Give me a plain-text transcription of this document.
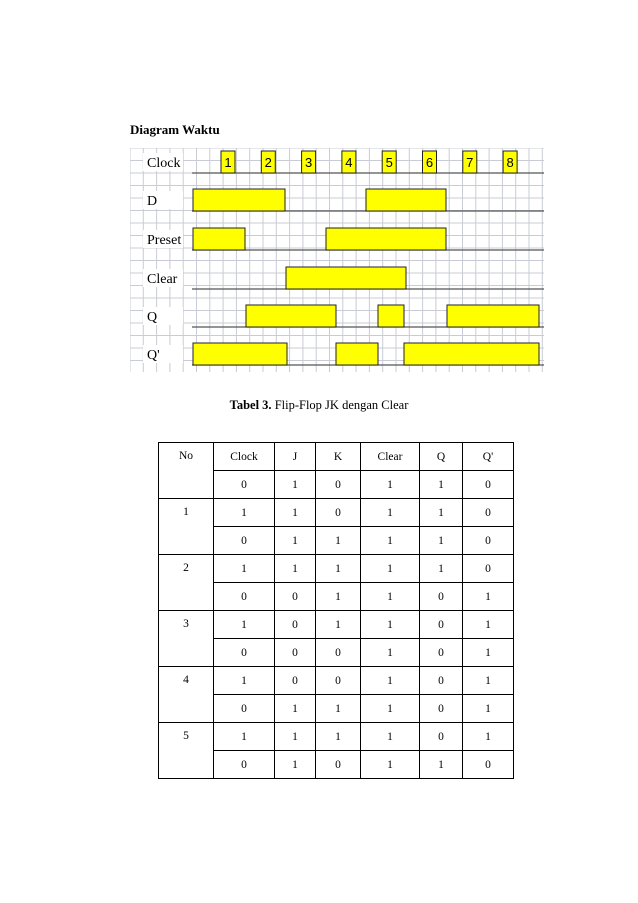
Diagram Waktu
1	2	3	4	5	6	7	8
Clock
D
Preset
Clear
Q
Q'
Tabel 3. Flip-Flop JK dengan Clear
No	Clock	J	K	Clear	Q	Q'
	0	1	0	1	1	0
1	1	1	0	1	1	0
	0	1	1	1	1	0
2	1	1	1	1	1	0
	0	0	1	1	0	1
3	1	0	1	1	0	1
	0	0	0	1	0	1
4	1	0	0	1	0	1
	0	1	1	1	0	1
5	1	1	1	1	0	1
	0	1	0	1	1	0
